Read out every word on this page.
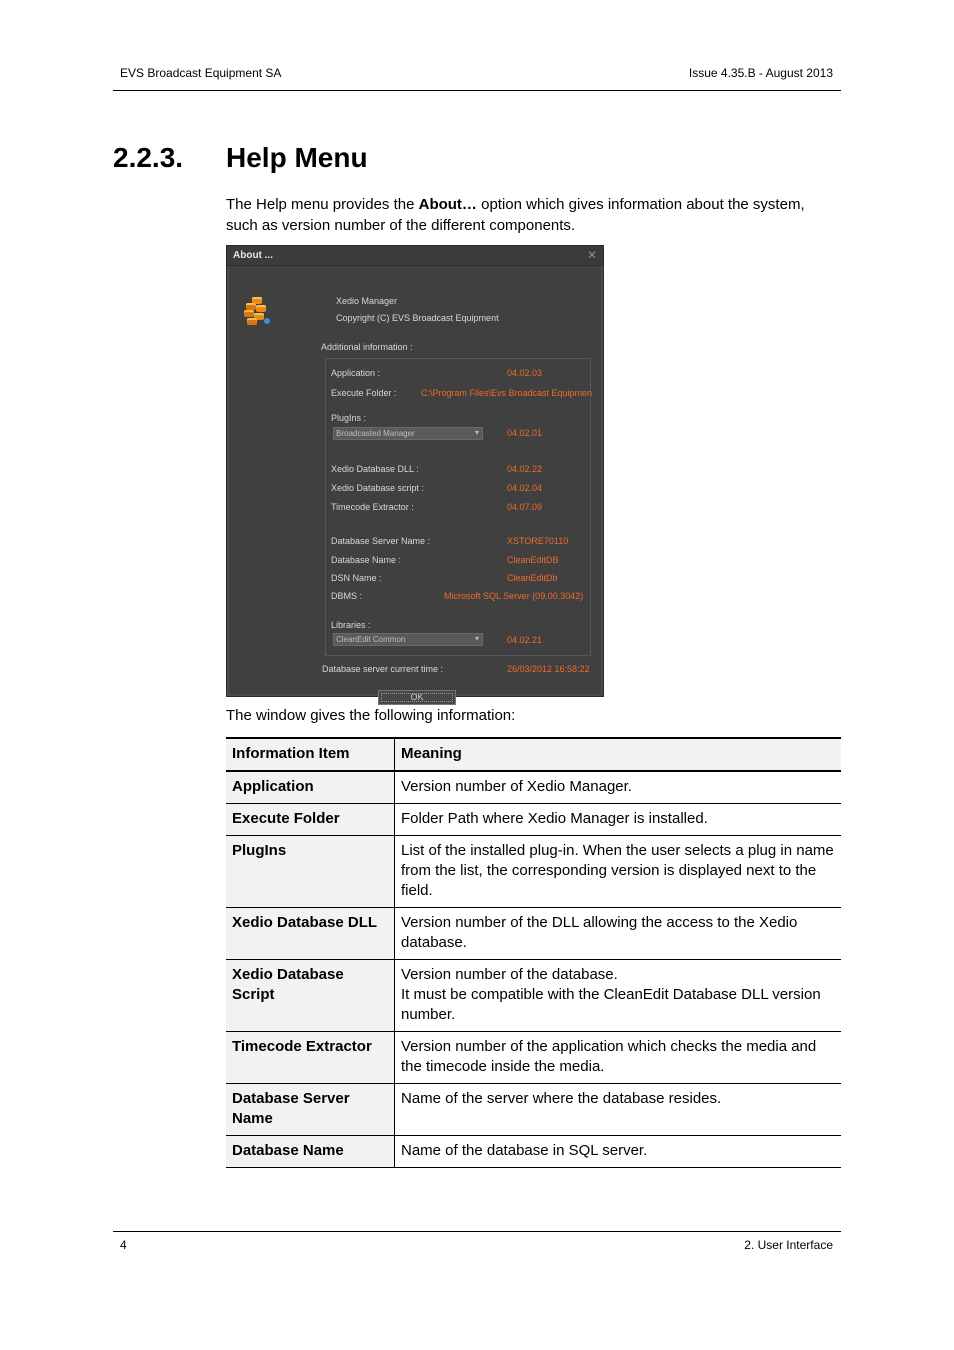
EVS Broadcast Equipment SA	Issue 4.35.B - August 2013
2.2.3. Help Menu
The Help menu provides the About… option which gives information about the system, such as version number of the different components.
About ...	✕
Xedio Manager
Copyright (C) EVS Broadcast Equipment
Additional information :
Application :	04.02.03
Execute Folder :	C:\Program Files\Evs Broadcast Equipmen
PlugIns :
Broadcasted Manager	▾	04.02.01
Xedio Database DLL :	04.02.22
Xedio Database script :	04.02.04
Timecode Extractor :	04.07.09
Database Server Name :	XSTORE70110
Database Name :	CleanEditDB
DSN Name :	CleanEditDb
DBMS :	Microsoft SQL Server (09.00.3042)
Libraries :
CleanEdit Common	▾	04.02.21
Database server current time :	26/03/2012 16:58:22
OK
The window gives the following information:
Information Item	Meaning
Application	Version number of Xedio Manager.
Execute Folder	Folder Path where Xedio Manager is installed.
PlugIns	List of the installed plug-in. When the user selects a plug in name from the list, the corresponding version is displayed next to the field.
Xedio Database DLL	Version number of the DLL allowing the access to the Xedio database.
Xedio Database Script	Version number of the database.
It must be compatible with the CleanEdit Database DLL version number.

Timecode Extractor	Version number of the application which checks the media and the timecode inside the media.
Database Server Name	Name of the server where the database resides.
Database Name	Name of the database in SQL server.
4	2. User Interface
